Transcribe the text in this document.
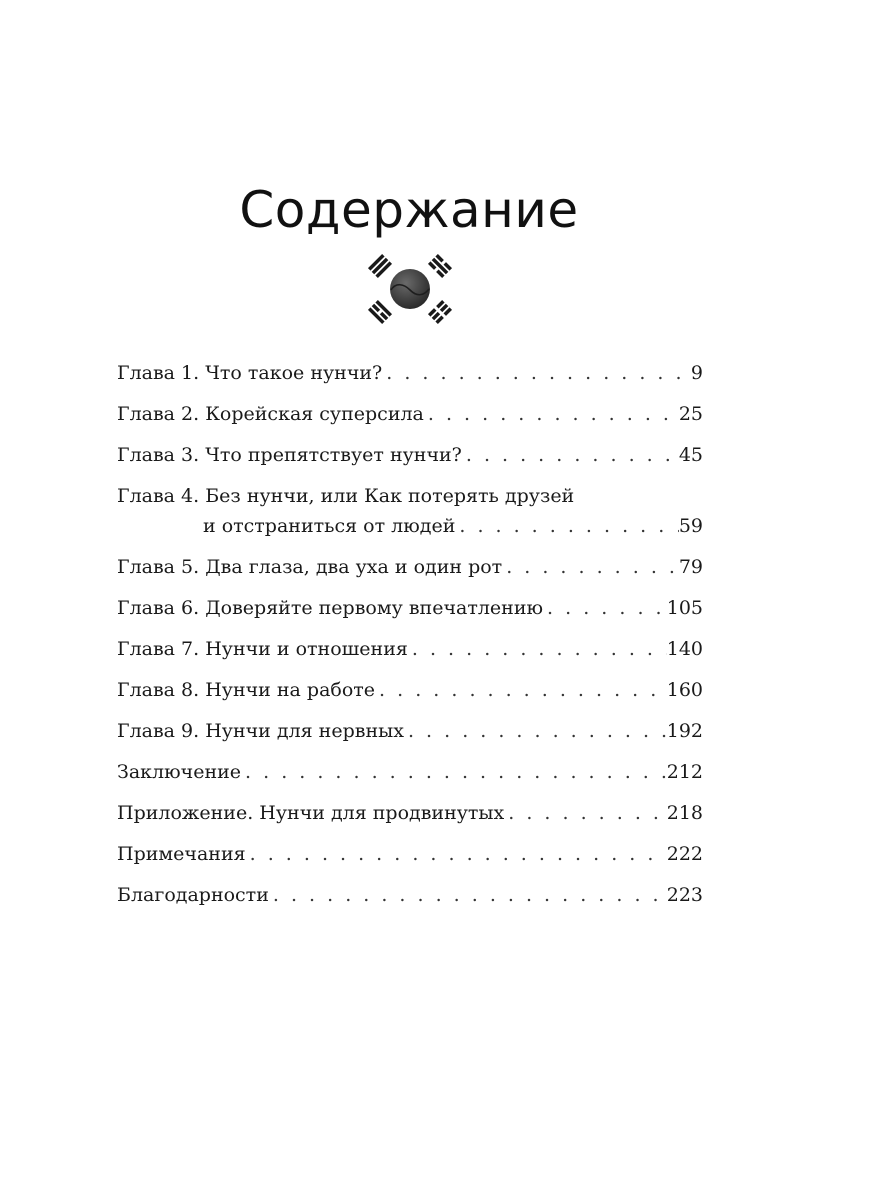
Содержание
Глава 1. Что такое нунчи? . . .	9
Глава 2. Корейская суперсила . . .	25
Глава 3. Что препятствует нунчи? . . .	45
Глава 4. Без нунчи, или Как потерять друзей
и отстраниться от людей . . .	59
Глава 5. Два глаза, два уха и один рот . . .	79
Глава 6. Доверяйте первому впечатлению . . .	105
Глава 7. Нунчи и отношения . . .	140
Глава 8. Нунчи на работе . . .	160
Глава 9. Нунчи для нервных . . .	192
Заключение . . .	212
Приложение. Нунчи для продвинутых . . .	218
Примечания . . .	222
Благодарности . . .	223
